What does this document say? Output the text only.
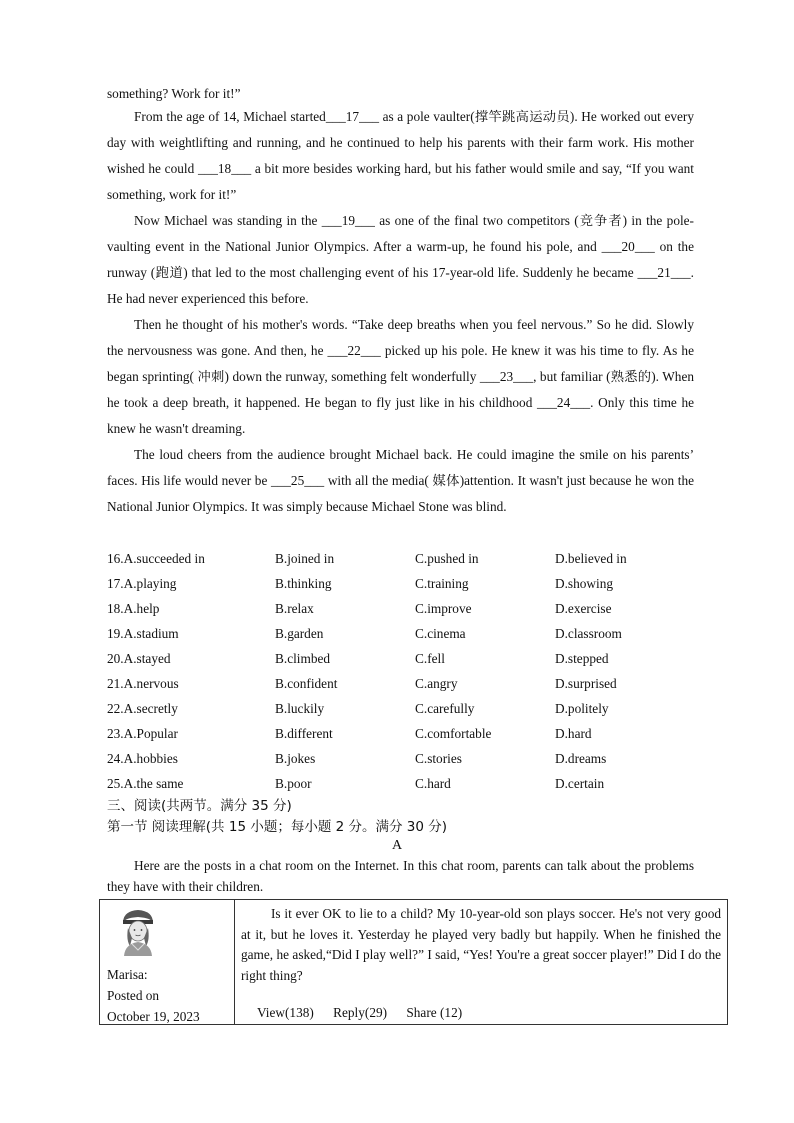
something? Work for it!”

From the age of 14, Michael started___17___ as a pole vaulter(撑竿跳高运动员). He worked out every day with weightlifting and running, and he continued to help his parents with their farm work. His mother wished he could ___18___ a bit more besides working hard, but his father would smile and say, “If you want something, work for it!”

Now Michael was standing in the ___19___ as one of the final two competitors (竞争者) in the pole-vaulting event in the National Junior Olympics. After a warm-up, he found his pole, and ___20___ on the runway (跑道) that led to the most challenging event of his 17-year-old life. Suddenly he became ___21___. He had never experienced this before.

Then he thought of his mother's words. “Take deep breaths when you feel nervous.” So he did. Slowly the nervousness was gone. And then, he ___22___ picked up his pole. He knew it was his time to fly. As he began sprinting( 冲刺) down the runway, something felt wonderfully ___23___, but familiar (熟悉的). When he took a deep breath, it happened. He began to fly just like in his childhood ___24___. Only this time he knew he wasn't dreaming.

The loud cheers from the audience brought Michael back. He could imagine the smile on his parents’ faces. His life would never be ___25___ with all the media( 媒体)attention. It wasn't just because he won the National Junior Olympics. It was simply because Michael Stone was blind.

16.A.succeeded in	B.joined in	C.pushed in	D.believed in
17.A.playing	B.thinking	C.training	D.showing
18.A.help	B.relax	C.improve	D.exercise
19.A.stadium	B.garden	C.cinema	D.classroom
20.A.stayed	B.climbed	C.fell	D.stepped
21.A.nervous	B.confident	C.angry	D.surprised
22.A.secretly	B.luckily	C.carefully	D.politely
23.A.Popular	B.different	C.comfortable	D.hard
24.A.hobbies	B.jokes	C.stories	D.dreams
25.A.the same	B.poor	C.hard	D.certain
三、阅读(共两节。满分 35 分)
第一节 阅读理解(共 15 小题；每小题 2 分。满分 30 分)
A

Here are the posts in a chat room on the Internet. In this chat room, parents can talk about the problems they have with their children.

Marisa:
Posted on
October 19, 2023

Is it ever OK to lie to a child? My 10-year-old son plays soccer. He's not very good at it, but he loves it. Yesterday he played very badly but happily. When he finished the game, he asked,“Did I play well?” I said, “Yes! You're a great soccer player!” Did I do the right thing?

View(138) Reply(29) Share (12)
